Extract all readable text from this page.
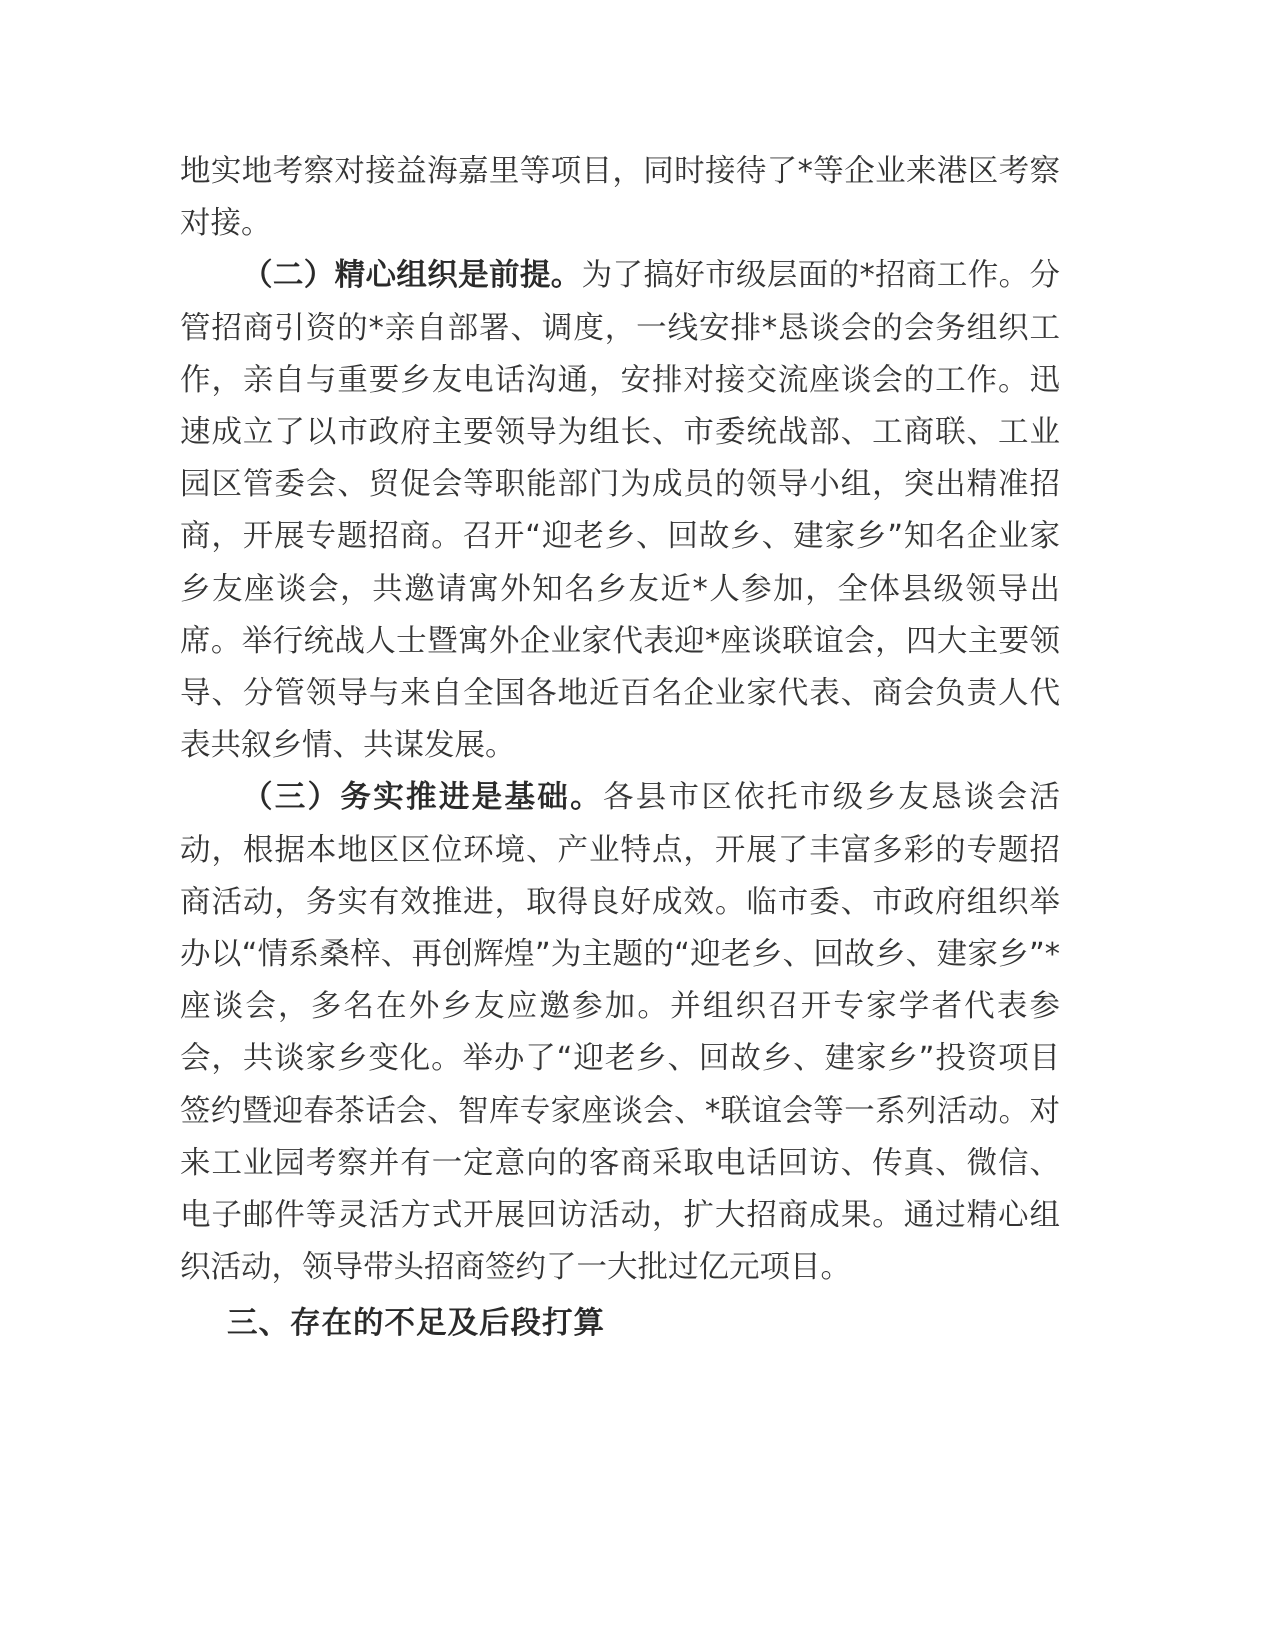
地实地考察对接益海嘉里等项目，同时接待了*等企业来港区考察对接。

（二）精心组织是前提。为了搞好市级层面的*招商工作。分管招商引资的*亲自部署、调度，一线安排*恳谈会的会务组织工作，亲自与重要乡友电话沟通，安排对接交流座谈会的工作。迅速成立了以市政府主要领导为组长、市委统战部、工商联、工业园区管委会、贸促会等职能部门为成员的领导小组，突出精准招商，开展专题招商。召开“迎老乡、回故乡、建家乡”知名企业家乡友座谈会，共邀请寓外知名乡友近*人参加，全体县级领导出席。举行统战人士暨寓外企业家代表迎*座谈联谊会，四大主要领导、分管领导与来自全国各地近百名企业家代表、商会负责人代表共叙乡情、共谋发展。

（三）务实推进是基础。各县市区依托市级乡友恳谈会活动，根据本地区区位环境、产业特点，开展了丰富多彩的专题招商活动，务实有效推进，取得良好成效。临市委、市政府组织举办以“情系桑梓、再创辉煌”为主题的“迎老乡、回故乡、建家乡”*座谈会，多名在外乡友应邀参加。并组织召开专家学者代表参会，共谈家乡变化。举办了“迎老乡、回故乡、建家乡”投资项目签约暨迎春茶话会、智库专家座谈会、*联谊会等一系列活动。对来工业园考察并有一定意向的客商采取电话回访、传真、微信、电子邮件等灵活方式开展回访活动，扩大招商成果。通过精心组织活动，领导带头招商签约了一大批过亿元项目。

三、存在的不足及后段打算
